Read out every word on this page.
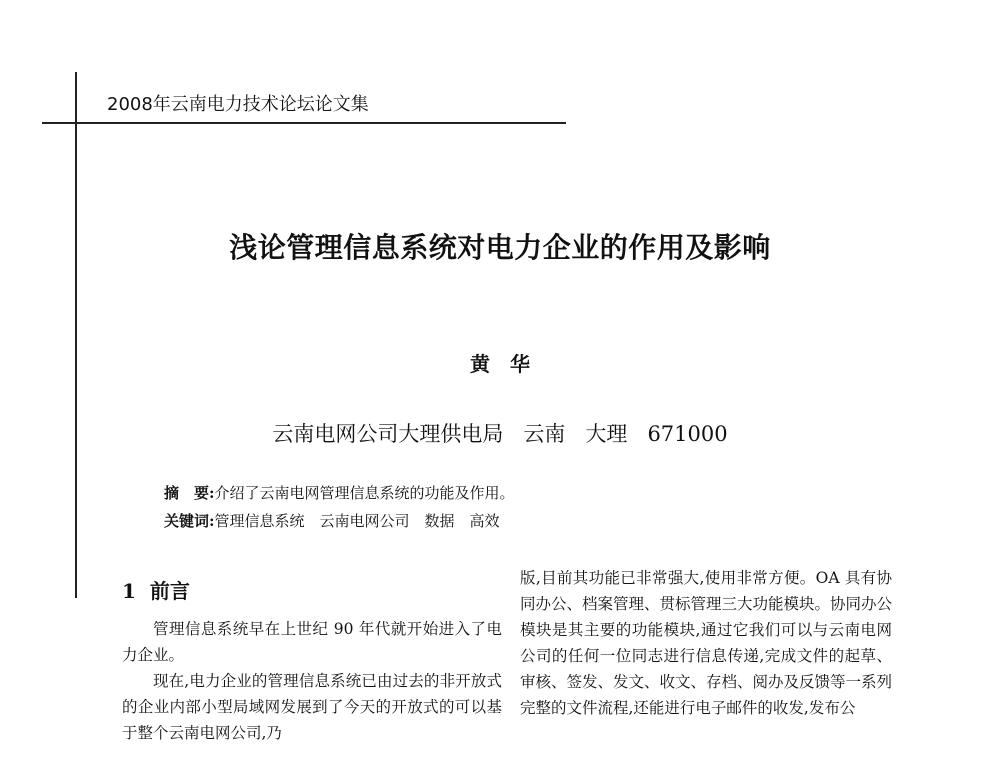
2008年云南电力技术论坛论文集
浅论管理信息系统对电力企业的作用及影响
黄华
云南电网公司大理供电局   云南   大理   671000
摘　要:介绍了云南电网管理信息系统的功能及作用。
关键词:管理信息系统　云南电网公司　数据　高效
1  前言

管理信息系统早在上世纪 90 年代就开始进入了电力企业。

现在,电力企业的管理信息系统已由过去的非开放式的企业内部小型局域网发展到了今天的开放式的可以基于整个云南电网公司,乃

版,目前其功能已非常强大,使用非常方便。OA 具有协同办公、档案管理、贯标管理三大功能模块。协同办公模块是其主要的功能模块,通过它我们可以与云南电网公司的任何一位同志进行信息传递,完成文件的起草、审核、签发、发文、收文、存档、阅办及反馈等一系列完整的文件流程,还能进行电子邮件的收发,发布公
